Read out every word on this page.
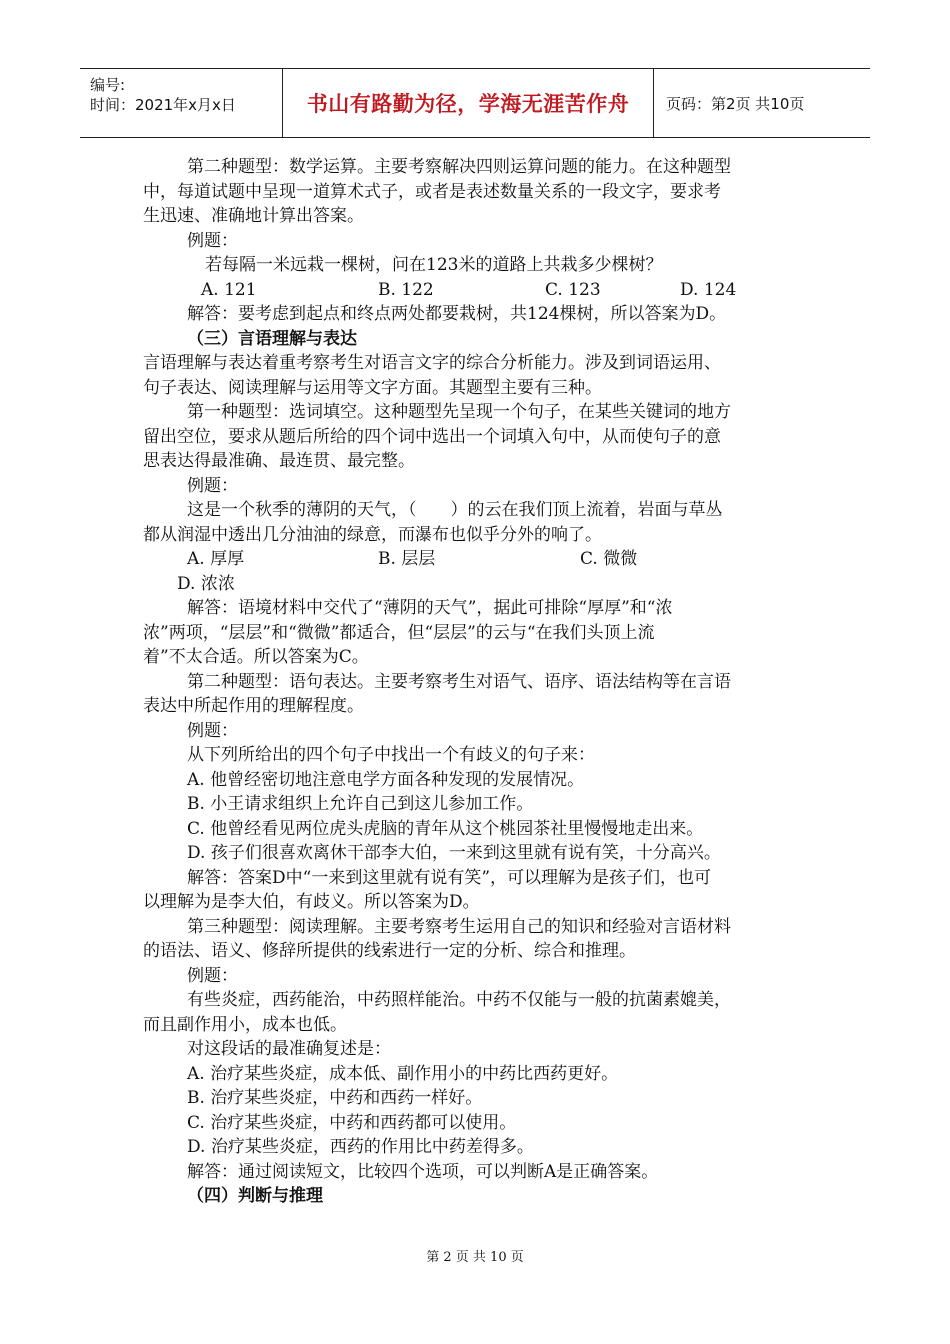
编号:
时间：2021年x月x日	书山有路勤为径，学海无涯苦作舟 页码：第2页 共10页
第二种题型：数学运算。主要考察解决四则运算问题的能力。在这种题型
中，每道试题中呈现一道算术式子，或者是表述数量关系的一段文字，要求考
生迅速、准确地计算出答案。
例题：
若每隔一米远栽一棵树，问在123米的道路上共栽多少棵树？
A. 121	B. 122	C. 123	D. 124
解答：要考虑到起点和终点两处都要栽树，共124棵树，所以答案为D。
（三）言语理解与表达
言语理解与表达着重考察考生对语言文字的综合分析能力。涉及到词语运用、
句子表达、阅读理解与运用等文字方面。其题型主要有三种。
第一种题型：选词填空。这种题型先呈现一个句子，在某些关键词的地方
留出空位，要求从题后所给的四个词中选出一个词填入句中，从而使句子的意
思表达得最准确、最连贯、最完整。
例题：
这是一个秋季的薄阴的天气，（　　）的云在我们顶上流着，岩面与草丛
都从润湿中透出几分油油的绿意，而瀑布也似乎分外的响了。
A. 厚厚	B. 层层	C. 微微
D. 浓浓
解答：语境材料中交代了“薄阴的天气”，据此可排除“厚厚”和“浓
浓”两项，“层层”和“微微”都适合，但“层层”的云与“在我们头顶上流
着”不太合适。所以答案为C。
第二种题型：语句表达。主要考察考生对语气、语序、语法结构等在言语
表达中所起作用的理解程度。
例题：
从下列所给出的四个句子中找出一个有歧义的句子来：
A. 他曾经密切地注意电学方面各种发现的发展情况。
B. 小王请求组织上允许自己到这儿参加工作。
C. 他曾经看见两位虎头虎脑的青年从这个桃园茶社里慢慢地走出来。
D. 孩子们很喜欢离休干部李大伯，一来到这里就有说有笑，十分高兴。
解答：答案D中“一来到这里就有说有笑”，可以理解为是孩子们，也可
以理解为是李大伯，有歧义。所以答案为D。
第三种题型：阅读理解。主要考察考生运用自己的知识和经验对言语材料
的语法、语义、修辞所提供的线索进行一定的分析、综合和推理。
例题：
有些炎症，西药能治，中药照样能治。中药不仅能与一般的抗菌素媲美，
而且副作用小，成本也低。
对这段话的最准确复述是：
A. 治疗某些炎症，成本低、副作用小的中药比西药更好。
B. 治疗某些炎症，中药和西药一样好。
C. 治疗某些炎症，中药和西药都可以使用。
D. 治疗某些炎症，西药的作用比中药差得多。
解答：通过阅读短文，比较四个选项，可以判断A是正确答案。
（四）判断与推理
第 2 页 共 10 页
